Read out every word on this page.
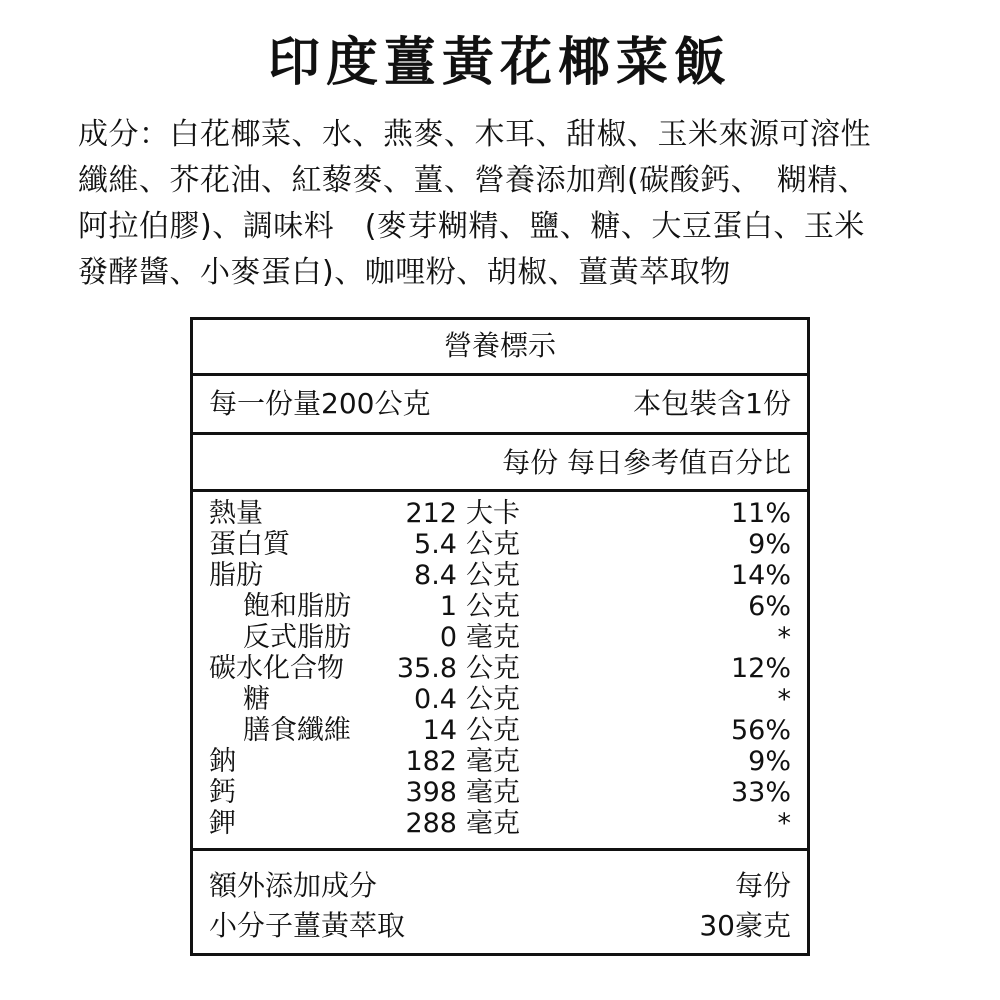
印度薑黃花椰菜飯
成分：白花椰菜、水、燕麥、木耳、甜椒、玉米來源可溶性
纖維、芥花油、紅藜麥、薑、營養添加劑(碳酸鈣、　糊精、
阿拉伯膠)、調味料　(麥芽糊精、鹽、糖、大豆蛋白、玉米
發酵醬、小麥蛋白)、咖哩粉、胡椒、薑黃萃取物
營養標示
每一份量200公克	本包裝含1份
每份 每日參考值百分比
熱量	212 大卡	11%
蛋白質	5.4 公克	9%
脂肪	8.4 公克	14%
飽和脂肪	1 公克	6%
反式脂肪	0 毫克	*
碳水化合物 35.8 公克	12%
糖	0.4 公克	*
膳食纖維	14 公克	56%
鈉	182 毫克	9%
鈣	398 毫克	33%
鉀	288 毫克	*
額外添加成分	每份
小分子薑黃萃取	30豪克
